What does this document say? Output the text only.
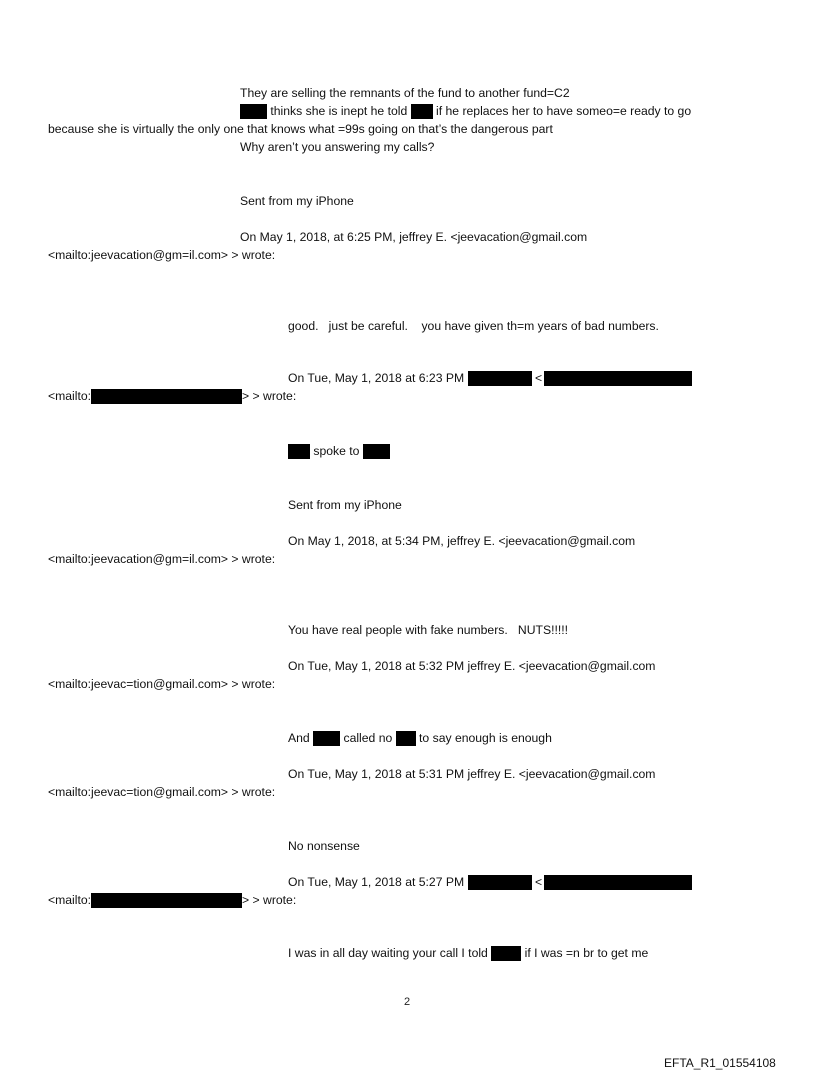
They are selling the remnants of the fund to another fund=C2
thinks she is inept he told if he replaces her to have someo=e ready to go
because she is virtually the only one that knows what =99s going on that’s the dangerous part
Why aren’t you answering my calls?
Sent from my iPhone
On May 1, 2018, at 6:25 PM, jeffrey E. <jeevacation@gmail.com
<mailto:jeevacation@gm=il.com> > wrote:
good.   just be careful.    you have given th=m years of bad numbers.
On Tue, May 1, 2018 at 6:23 PM	<
<mailto:	> > wrote:
spoke to
Sent from my iPhone
On May 1, 2018, at 5:34 PM, jeffrey E. <jeevacation@gmail.com
<mailto:jeevacation@gm=il.com> > wrote:
You have real people with fake numbers.   NUTS!!!!!
On Tue, May 1, 2018 at 5:32 PM jeffrey E. <jeevacation@gmail.com
<mailto:jeevac=tion@gmail.com> > wrote:
And	called no to say enough is enough
On Tue, May 1, 2018 at 5:31 PM jeffrey E. <jeevacation@gmail.com
<mailto:jeevac=tion@gmail.com> > wrote:
No nonsense
On Tue, May 1, 2018 at 5:27 PM	<
<mailto:	> > wrote:
I was in all day waiting your call I told	if I was =n br to get me
2
EFTA_R1_01554108
